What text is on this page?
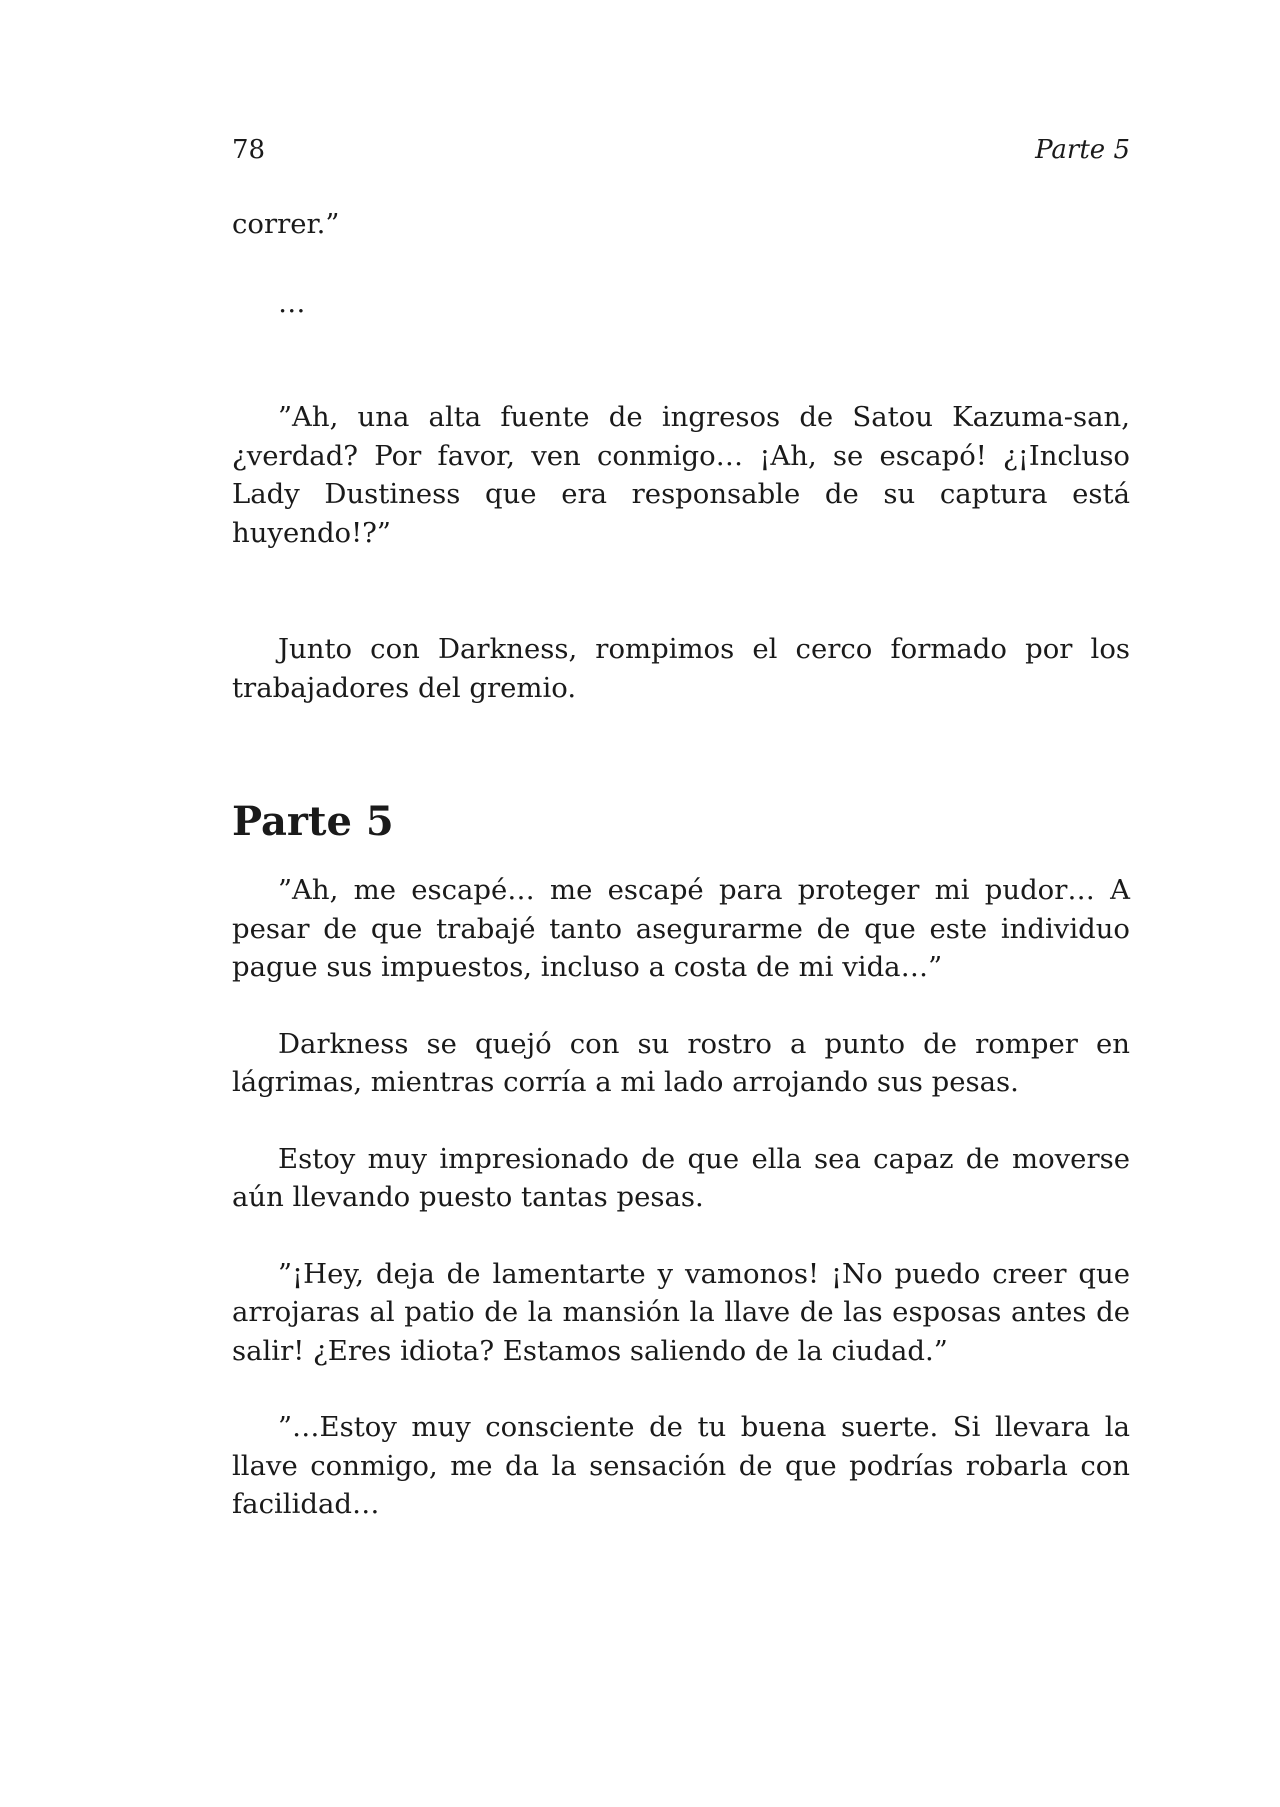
78	Parte 5

correr.”

…

”Ah, una alta fuente de ingresos de Satou Kazuma-san, ¿verdad? Por favor, ven conmigo… ¡Ah, se escapó! ¿¡Incluso Lady Dustiness que era responsable de su captura está huyendo!?”

Junto con Darkness, rompimos el cerco formado por los trabajadores del gremio.

Parte 5

”Ah, me escapé… me escapé para proteger mi pudor… A pesar de que trabajé tanto asegurarme de que este individuo pague sus impuestos, incluso a costa de mi vida…”

Darkness se quejó con su rostro a punto de romper en lágrimas, mientras corría a mi lado arrojando sus pesas.

Estoy muy impresionado de que ella sea capaz de moverse aún llevando puesto tantas pesas.

”¡Hey, deja de lamentarte y vamonos! ¡No puedo creer que arrojaras al patio de la mansión la llave de las esposas antes de salir! ¿Eres idiota? Estamos saliendo de la ciudad.”

”…Estoy muy consciente de tu buena suerte. Si llevara la llave conmigo, me da la sensación de que podrías robarla con facilidad…
